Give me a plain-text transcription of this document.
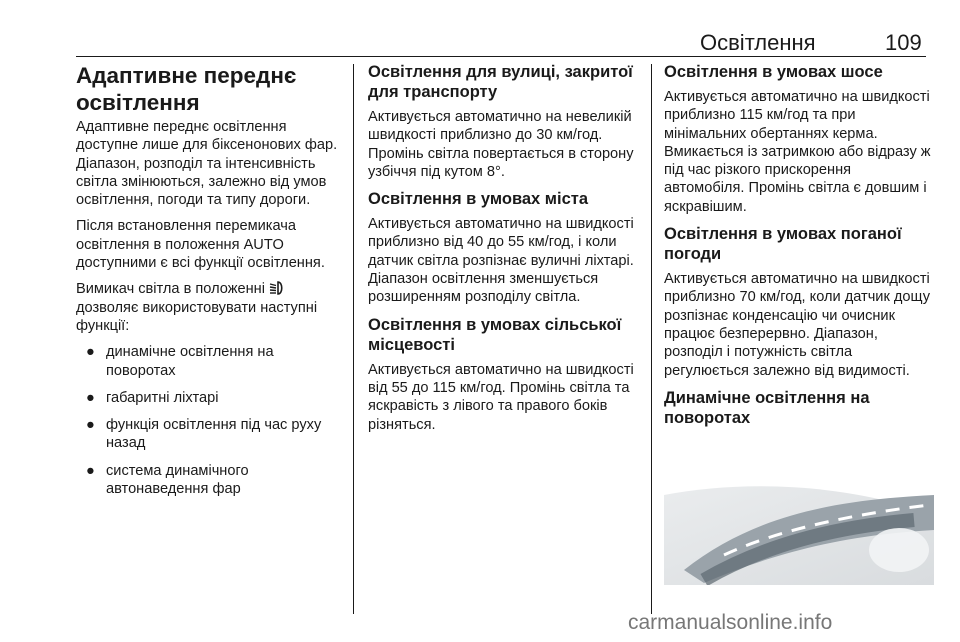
Освітлення	109
Адаптивне переднє освітлення

Адаптивне переднє освітлення доступне лише для біксенонових фар. Діапазон, розподіл та інтенсивність світла змінюються, залежно від умов освітлення, погоди та типу дороги.

Після встановлення перемикача освітлення в положення AUTO доступними є всі функції освітлення.

Вимикач світла в положенні  дозволяє використовувати наступні функції:

● динамічне освітлення на поворотах
● габаритні ліхтарі
● функція освітлення під час руху назад
● система динамічного автонаведення фар
Освітлення для вулиці, закритої для транспорту

Активується автоматично на невеликій швидкості приблизно до 30 км/год. Промінь світла повертається в сторону узбіччя під кутом 8°.

Освітлення в умовах міста

Активується автоматично на швидкості приблизно від 40 до 55 км/год, і коли датчик світла розпізнає вуличні ліхтарі. Діапазон освітлення зменшується розширенням розподілу світла.

Освітлення в умовах сільської місцевості

Активується автоматично на швидкості від 55 до 115 км/год. Промінь світла та яскравість з лівого та правого боків різняться.

Освітлення в умовах шосе

Активується автоматично на швидкості приблизно 115 км/год та при мінімальних обертаннях керма. Вмикається із затримкою або відразу ж під час різкого прискорення автомобіля. Промінь світла є довшим і яскравішим.

Освітлення в умовах поганої погоди

Активується автоматично на швидкості приблизно 70 км/год, коли датчик дощу розпізнає конденсацію чи очисник працює безперервно. Діапазон, розподіл і потужність світла регулюється залежно від видимості.

Динамічне освітлення на поворотах
carmanualsonline.info
